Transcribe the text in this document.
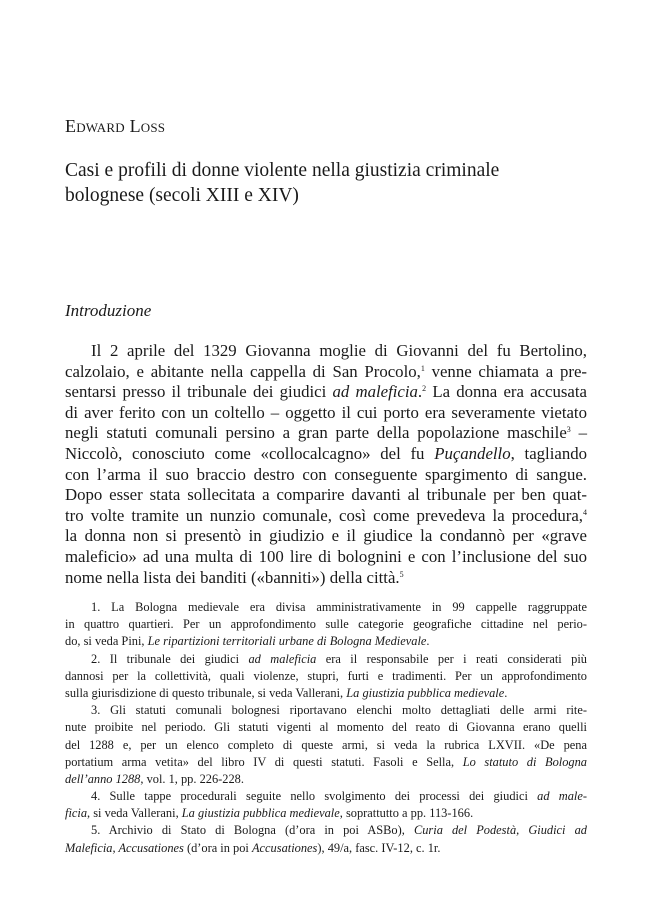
Edward Loss
Casi e profili di donne violente nella giustizia criminale
bolognese (secoli XIII e XIV)
Introduzione
Il 2 aprile del 1329 Giovanna moglie di Giovanni del fu Bertolino,
calzolaio, e abitante nella cappella di San Procolo,$^1$ venne chiamata a pre-
sentarsi presso il tribunale dei giudici ad maleficia.$^2$ La donna era accusata
di aver ferito con un coltello – oggetto il cui porto era severamente vietato
negli statuti comunali persino a gran parte della popolazione maschile$^3$ –
Niccolò, conosciuto come «collocalcagno» del fu Puçandello, tagliando
con l’arma il suo braccio destro con conseguente spargimento di sangue.
Dopo esser stata sollecitata a comparire davanti al tribunale per ben quat-
tro volte tramite un nunzio comunale, così come prevedeva la procedura,$^4$
la donna non si presentò in giudizio e il giudice la condannò per «grave
maleficio» ad una multa di 100 lire di bolognini e con l’inclusione del suo
nome nella lista dei banditi («banniti») della città.$^5$
1. La Bologna medievale era divisa amministrativamente in 99 cappelle raggruppate
in quattro quartieri. Per un approfondimento sulle categorie geografiche cittadine nel perio-
do, si veda Pini, Le ripartizioni territoriali urbane di Bologna Medievale.
2. Il tribunale dei giudici ad maleficia era il responsabile per i reati considerati più
dannosi per la collettività, quali violenze, stupri, furti e tradimenti. Per un approfondimento
sulla giurisdizione di questo tribunale, si veda Vallerani, La giustizia pubblica medievale.
3. Gli statuti comunali bolognesi riportavano elenchi molto dettagliati delle armi rite-
nute proibite nel periodo. Gli statuti vigenti al momento del reato di Giovanna erano quelli
del 1288 e, per un elenco completo di queste armi, si veda la rubrica LXVII. «De pena
portatium arma vetita» del libro IV di questi statuti. Fasoli e Sella, Lo statuto di Bologna
dell’anno 1288, vol. 1, pp. 226-228.
4. Sulle tappe procedurali seguite nello svolgimento dei processi dei giudici ad male-
ficia, si veda Vallerani, La giustizia pubblica medievale, soprattutto a pp. 113-166.
5. Archivio di Stato di Bologna (d’ora in poi ASBo), Curia del Podestà, Giudici ad
Maleficia, Accusationes (d’ora in poi Accusationes), 49/a, fasc. IV-12, c. 1r.
